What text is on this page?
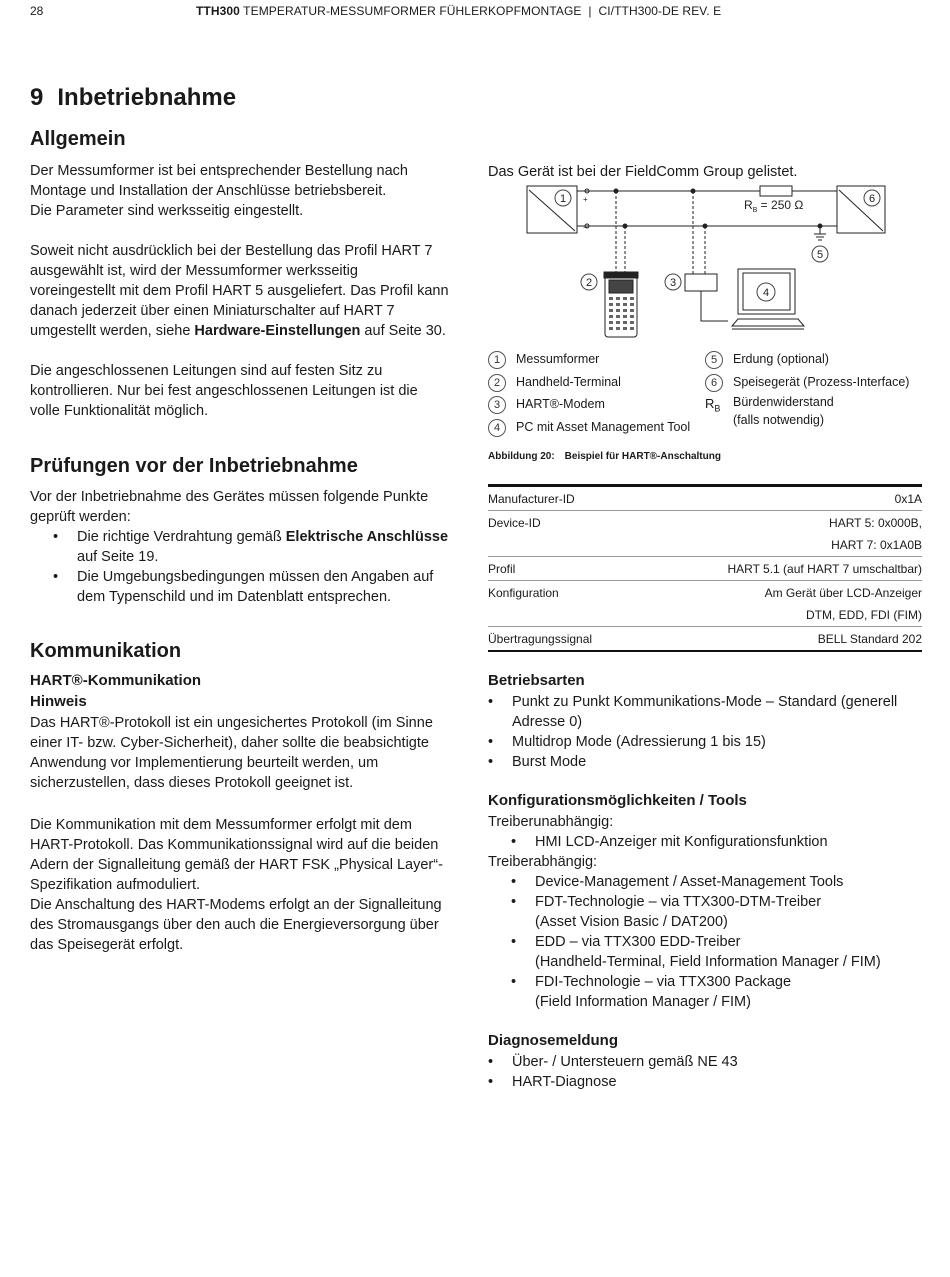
28	TTH300 TEMPERATUR-MESSUMFORMER FÜHLERKOPFMONTAGE  |  CI/TTH300-DE REV. E
9 Inbetriebnahme
Allgemein
Der Messumformer ist bei entsprechender Bestellung nach
Montage und Installation der Anschlüsse betriebsbereit.
Die Parameter sind werksseitig eingestellt.
Soweit nicht ausdrücklich bei der Bestellung das Profil HART 7
ausgewählt ist, wird der Messumformer werksseitig
voreingestellt mit dem Profil HART 5 ausgeliefert. Das Profil kann
danach jederzeit über einen Miniaturschalter auf HART 7
umgestellt werden, siehe Hardware-Einstellungen auf Seite 30.
Die angeschlossenen Leitungen sind auf festen Sitz zu
kontrollieren. Nur bei fest angeschlossenen Leitungen ist die
volle Funktionalität möglich.
Prüfungen vor der Inbetriebnahme
Vor der Inbetriebnahme des Gerätes müssen folgende Punkte
geprüft werden:
• Die richtige Verdrahtung gemäß Elektrische Anschlüsse
auf Seite 19.
• Die Umgebungsbedingungen müssen den Angaben auf
dem Typenschild und im Datenblatt entsprechen.
Kommunikation
HART®-Kommunikation
Hinweis
Das HART®-Protokoll ist ein ungesichertes Protokoll (im Sinne
einer IT- bzw. Cyber-Sicherheit), daher sollte die beabsichtigte
Anwendung vor Implementierung beurteilt werden, um
sicherzustellen, dass dieses Protokoll geeignet ist.
Die Kommunikation mit dem Messumformer erfolgt mit dem
HART-Protokoll. Das Kommunikationssignal wird auf die beiden
Adern der Signalleitung gemäß der HART FSK „Physical Layer“-
Spezifikation aufmoduliert.
Die Anschaltung des HART-Modems erfolgt an der Signalleitung
des Stromausgangs über den auch die Energieversorgung über
das Speisegerät erfolgt.
Das Gerät ist bei der FieldComm Group gelistet.
1	6
2	3
4
5
+
−
$R_B = 250$ Ω
1	Messumformer
2	Handheld-Terminal
3	HART®-Modem
4	PC mit Asset Management Tool
5	Erdung (optional)
6	Speisegerät (Prozess-Interface)
$R_B$ Bürdenwiderstand
(falls notwendig)
Abbildung 20: Beispiel für HART®-Anschaltung
Manufacturer-ID	0x1A
Device-ID	HART 5: 0x000B,
HART 7: 0x1A0B

Profil	HART 5.1 (auf HART 7 umschaltbar)
Konfiguration	Am Gerät über LCD-Anzeiger
DTM, EDD, FDI (FIM)

Übertragungssignal	BELL Standard 202
Betriebsarten
• Punkt zu Punkt Kommunikations-Mode – Standard (generell
Adresse 0)
• Multidrop Mode (Adressierung 1 bis 15)
• Burst Mode
Konfigurationsmöglichkeiten / Tools
Treiberunabhängig:
• HMI LCD-Anzeiger mit Konfigurationsfunktion
Treiberabhängig:
• Device-Management / Asset-Management Tools
• FDT-Technologie – via TTX300-DTM-Treiber
(Asset Vision Basic / DAT200)
• EDD – via TTX300 EDD-Treiber
(Handheld-Terminal, Field Information Manager / FIM)
• FDI-Technologie – via TTX300 Package
(Field Information Manager / FIM)
Diagnosemeldung
• Über- / Untersteuern gemäß NE 43
• HART-Diagnose
